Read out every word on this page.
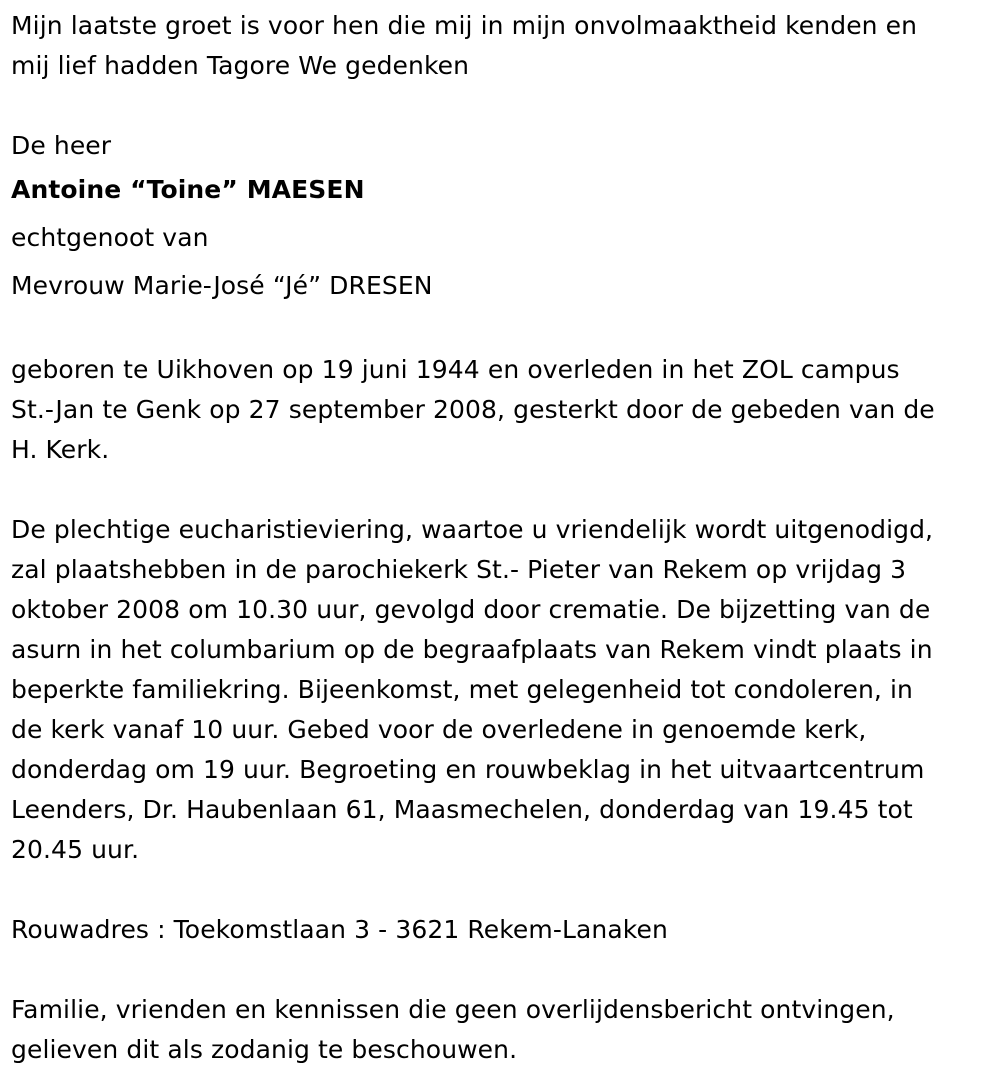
Mijn laatste groet is voor hen die mij in mijn onvolmaaktheid kenden en
mij lief hadden Tagore We gedenken

De heer

Antoine “Toine” MAESEN

echtgenoot van

Mevrouw Marie-José “Jé” DRESEN

geboren te Uikhoven op 19 juni 1944 en overleden in het ZOL campus
St.-Jan te Genk op 27 september 2008, gesterkt door de gebeden van de
H. Kerk.

De plechtige eucharistieviering, waartoe u vriendelijk wordt uitgenodigd,
zal plaatshebben in de parochiekerk St.- Pieter van Rekem op vrijdag 3
oktober 2008 om 10.30 uur, gevolgd door crematie. De bijzetting van de
asurn in het columbarium op de begraafplaats van Rekem vindt plaats in
beperkte familiekring. Bijeenkomst, met gelegenheid tot condoleren, in
de kerk vanaf 10 uur. Gebed voor de overledene in genoemde kerk,
donderdag om 19 uur. Begroeting en rouwbeklag in het uitvaartcentrum
Leenders, Dr. Haubenlaan 61, Maasmechelen, donderdag van 19.45 tot
20.45 uur.

Rouwadres : Toekomstlaan 3 - 3621 Rekem-Lanaken

Familie, vrienden en kennissen die geen overlijdensbericht ontvingen,
gelieven dit als zodanig te beschouwen.
